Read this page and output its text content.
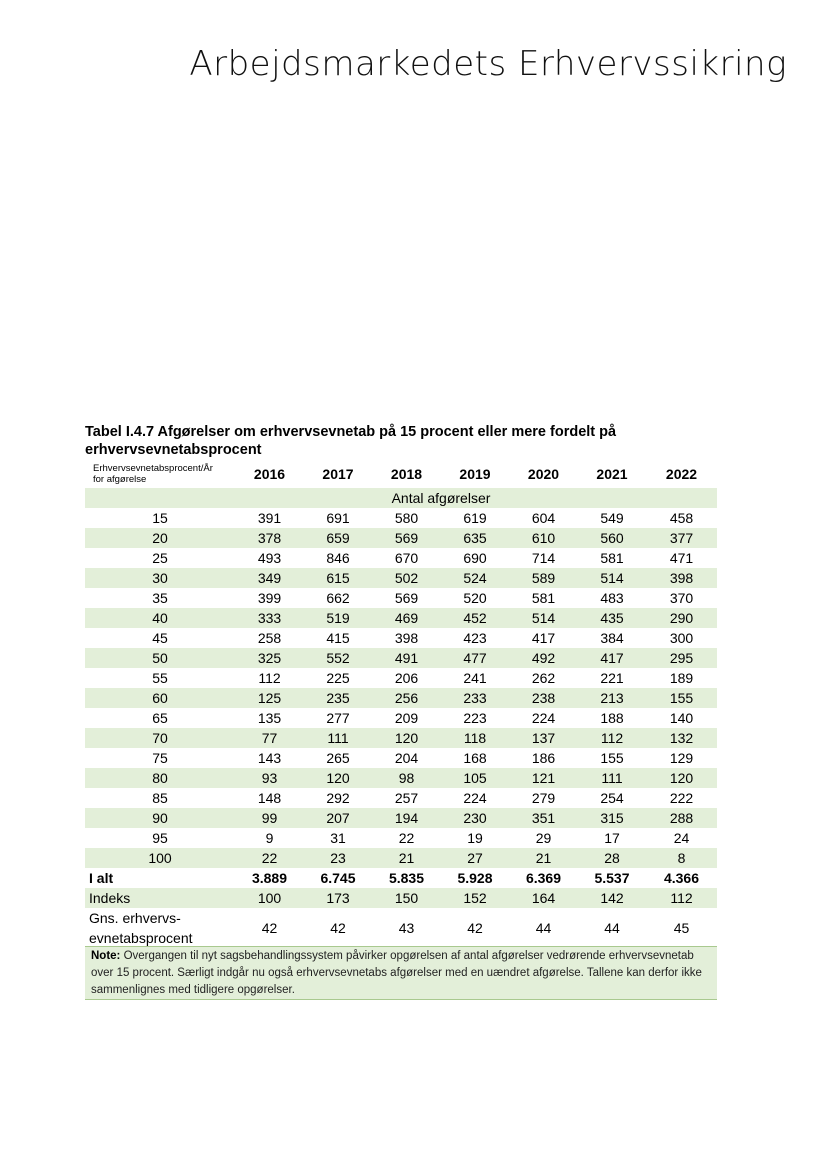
Arbejdsmarkedets Erhvervssikring
Tabel I.4.7 Afgørelser om erhvervsevnetab på 15 procent eller mere fordelt på erhvervsevnetabsprocent
Erhvervsevnetabsprocent/År
for afgørelse	2016	2017	2018	2019	2020	2021	2022
Antal afgørelser							
15	391	691	580	619	604	549	458
20	378	659	569	635	610	560	377
25	493	846	670	690	714	581	471
30	349	615	502	524	589	514	398
35	399	662	569	520	581	483	370
40	333	519	469	452	514	435	290
45	258	415	398	423	417	384	300
50	325	552	491	477	492	417	295
55	112	225	206	241	262	221	189
60	125	235	256	233	238	213	155
65	135	277	209	223	224	188	140
70	77	111	120	118	137	112	132
75	143	265	204	168	186	155	129
80	93	120	98	105	121	111	120
85	148	292	257	224	279	254	222
90	99	207	194	230	351	315	288
95	9	31	22	19	29	17	24
100	22	23	21	27	21	28	8
I alt	3.889	6.745	5.835	5.928	6.369	5.537	4.366
Indeks	100	173	150	152	164	142	112
Gns. erhvervs-
evnetabsprocent	42	42	43	42	44	44	45
Note: Overgangen til nyt sagsbehandlingssystem påvirker opgørelsen af antal afgørelser vedrørende erhvervsevnetab over 15 procent. Særligt indgår nu også erhvervsevnetabs afgørelser med en uændret afgørelse. Tallene kan derfor ikke sammenlignes med tidligere opgørelser.
